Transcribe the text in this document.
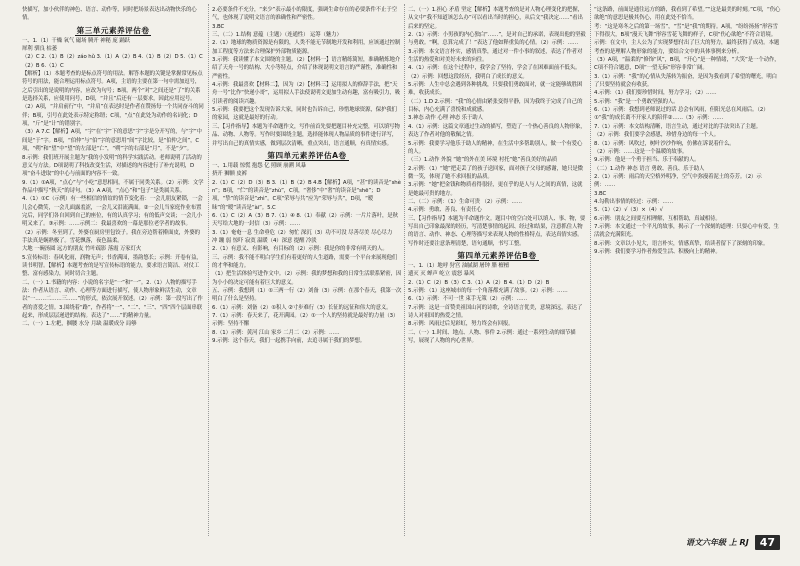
快描写，加小伙伴的神色、语言、动作等，同时把场景表达出动物快乐的心情。
第三单元素养评估卷
一、1.（1）干燥 氧气 磁场 腾开 神秘 庞 踊跃
犀利 驯良 枯萎
（2）C 2.（1）B（2）záo hǔ 3.（1）A（2）B 4.（1）B（2）D 5.（1）C（2）B 6.（1）C
【解析】（1）本题考查的是标点符号的用法。解答本题的关键是掌握常见标点符号的用法，能合理运用标点符号。A项，主语的主要在第一句中需加逗号，之后引出的是说明的内容，应改为句号；B项，两个“对”之间还是“了”的关系是选择关系，应使用问号，D项，“并且”后还有一层要求，因此应用逗号。
（2）A项，“并肩前行”中，“并肩”在表达时是作者在赞扬每一个共同奋斗的同伴；B项，引号在此处表示特定称谓；C项，“点”在此处为动作的名词化；D项，“斤”是“计”的错别字。
（3）A 7.C【解析】A项，“字”在“宇”下的意思“宇”字是分开写的，与“宇”中间是“于”字。B项，“伯仲”与“伯”字的意思用“间”字比较，是“伯仲之间”，C项，“朔”和“望”中“望”的左部是“亡”，“朔”字的右部是“月”，不是“夕”。
8.示例：我们班开展主题为“我的小发明”的科学实践活动。老师说明了活动的意义与方法。D项说明了科技改变生活，对描述的内容进行了补充说明，D项“奋斗进取”的中心与前面的内容不一致。
9.（1）①A项，“点心”与“小吃”意思相同，不属于同类关系。（2）示例：文学作品中描写“秋天”的诗句。（3）A A项，“点心”和“包子”是类属关系。
4.（1）①C（示例）有一些相信的情谊的情节变化着：一会儿朋友紧锁，一会儿会心微笑，一会儿面露羞涩，一会儿又泪流满面。②一会儿当家庭作业布置完后，同学们各自回到自己的座位，有的认真学习；有的低声交谈；一会儿小明又来了。③示例：……示例二：我最喜欢的一幕是那位老学者的故事。
（2）示例：冬至到了，外婆在厨房里包饺子。我在旁边帮着擀面皮，外婆的手法真是娴熟极了。雪花飘落，夜色温柔。
大地 一碗汤圆 远方的朋友 竹叶疏影 落霞 万家灯火
5.宣传标语：春风化雨，润物无声；书香满园，墨韵悠长；示例：开卷有益，读书明智。【解析】本题考查的是写宣传标语的能力，要求语言简洁、对仗工整、富有感染力，同时切合主题。
二、（一）1.书籍的内容：小说的名字是“一”和“一”。2.（1）人物的描写手法：作者从语言、动作、心理等方面进行描写，使人物形象鲜活生动，文章以“一……二……三……”的形式，依次展开叙述。（2）示例：第一段写出了作者的喜爱之情。3.围绕着“路”，作者将“一”、“二”、“三”、“四”四个层面串联起来，形成层层递进的结构。表达了“……”的精神力量。
二、（一）1.左耙，捆腰 水分 月缺 温暖成分 局够
2.必要条件不充分，“来少”表示最小的限度，强调生命存在的必要条件不止于空气，也体现了说明文语言的准确性和严密性。
3.BC
三、（二）1.结构 意蕴（主题）（连通性） 运筹（魅力）
2.（1）地球的物质资源是有限的，人类不能无节制地开发和利用，应该通过控制加工程度等方法来合理保护外部物质能源。
3.示例：我读懂了本文围绕的主题。（2）【材料一】语言精练简短，准确精炼地介绍了天舟一号的结构、大小等特点，介绍了体现说明文语言的严谨性，准确性和严密性。
4.示例：我最喜欢【材料二】，因为（2）【材料三】运用拟人的修辞手法，把“天舟一号”比作“快递小哥”，运用拟人手法使说明文更加生动有趣，富有吸引力，吸引读者的阅读兴趣。
5.示例：我要把这个发现告诉大家，同时也告诉自己，珍惜地球资源，保护我们的家园，这就是最好的行动。
三、【习作指导】本题为半命题作文，写作前首先要把题目补充完整，可以填写物品、动物、人物等。写作时要围绕主题，选择能体现人物品质的事件进行详写，并写出自己的真情实感，做到层次清晰，重点突出，语言通顺，有真情实感。
第四单元素养评估A卷
一、1.用载 惊慌 抱怨 亿 照顾 崩溯 风暴
挤开 狮额 皮裤
2.（1）C（2）D（3）B 3.（1）B（2）B 4.B【解析】A项，“甚”的读音是“shèn”；B项，“伫”的读音是“zhù”，C项，“奢侈”中“奢”的读音是“shē”；D项，“挚”的读音是“zhì”。C项“荣辱与共”应为“荣辱与共”，D项，“暧昧”的“暧”读音是“ài”。5.C
6.（1）C（2）A（3）B 7.（1）④ 8.（1）奉献（2）示例：一片片落叶，是秋天写给大地的一封信（3）示例：……
3.（1）奄奄一息 生命垂危（2）匆忙 深沉（3）功不可没 尽善尽美 尽心尽力
冲 蹦 弱 惊吓 寂寞 温暖（4）深意 提醒 冷淡
2.（1）有意义、有影响，有目标的（2）示例：我是你的非常有明天的人。
三、示例：我不能不明白学生们有着更好的人生道路，需要一个平台来展现他们的才华和能力。
（1）把生活体验写进作文中。（2）示例：我的梦想和我的日常生活联系紧密，因为小小的决定可能有着巨大的意义。
五、示例：我想到（1）①三两一行（2）刘备（3）示例：在那个春天，我第一次明白了什么是坚持。
6.（1）示例：刘备（2）①积人 ②寸步难行（3）长征的远征和伟大的意义。
7.（1）示例：春天来了，花开满园。（2）①一个人的坚持就是最好的力量（3）示例：坚持不懈
8.（1）示例：黄河 江山 家乡 二月二（2）示例：……
9.示例：这个春天，我们一起携手向前，去追寻属于我们的梦想。
二、（一）1.担心 矛盾 坚定【解析】本题考查的是对人物心理变化的把握，从文中“我不知道该怎么办”可以看出当时的担心，从后文“我决定……”看出后来的坚定。
2.（1）示例：小男孩的内心独白“……”，是对自己的承诺，表现出他的坚毅与勇敢。“啊，总算完成了！”表达了他如释重负的心情。（2）示例：……
3.示例：本文语言朴实，感情真挚，通过对一件小事的叙述，表达了作者对生活的热爱和对美好未来的向往。
4.（1）示例：在这个过程中，我学会了坚持，学会了在困难面前不低头。（2）示例：回想这段经历，我明白了成长的意义。
5.示例：人生中总会遇到各种挑战，只要我们勇敢面对，就一定能够战胜困难，收获成长。
（二）1.D 2.示例：“我”的心情由紧张变得平静，因为我终于完成了自己的目标，内心充满了喜悦和成就感。
3.神态 动作 心理 神态 乐于助人
4.（1）示例：这篇文章通过生动的描写，塑造了一个热心善良的人物形象，表达了作者对他的敬佩之情。
5.示例：我要学习他乐于助人的精神，在生活中多帮助别人，做一个有爱心的人。
（三）1.动作 外貌 “她”的外在美 环境 衬托“她”善良美好的品质
2.示例：（1）“她”把走丢了的孩子送回家，面对孩子父母的感谢，她只是微微一笑，体现了她不求回报的品质。
3.示例：“她”把金钱和物质看得很轻，更在乎的是人与人之间的真情，这就是她最可贵的地方。
二、（二）示例：（1）生命可贵 （2）示例：……
4.示例：勇敢、善良、有责任心
三、【习作指导】本题为半命题作文。题目中的空白处可以填人、事、物，要写出自己印象最深的经历，写清楚事情的起因、经过和结果，注意抓住人物的语言、动作、神态、心理等描写来表现人物的性格特点，表达真情实感。写作时还要注意条理清楚，语句通顺，书写工整。
第四单元素养评估B卷
一、1.（1）地呼 狩宫 油腻湖 屠钟 腊 檀檀
遗灭 灭 蝉声 屹立 震怒 暴风
2.（1）C（2）B（3）C 3.（1）A（2）B 4.（1）D（2）B
5.示例：（1）这座城市的每一个角落都充满了故事。（2）示例：……
6.（1）示例：不可一世 束手无策（2）示例：……
7.示例：这是一首赞美祖国山河的诗歌，全诗语言优美，意境深远，表达了诗人对祖国的热爱之情。
8.示例：风雨过后见彩虹，努力终会有回报。
二、（一）1.时间、地点、人物、事件 2.示例：通过一系列生动的细节描写，展现了人物的内心世界。
“这条路，前面是通往远方的路，我看到了希望。”“这是最美的时刻。”C项，“伤心欲绝”的意思是极其伤心，用在此处不恰当。
考：“这是寒冬之后的第一场雪”，“雪”是“我”的期待。A项，“纷纷扬扬”形容雪下得很大，B项“漫天飞舞”形容雪花飞舞的样子，C项“伤心欲绝”不符合语境。
示例：在文中，主人公为了实现梦想付出了巨大的努力，最终获得了成功。本题考查的是理解人物形象的能力，要结合文中的具体事例来分析。
（3）A项，“温柔的”修饰“风”，B项，“开心”是一种情绪，“大笑”是一个动作，C项不符合题意，D项“一望无际”形容非常广阔。
3.（1）示例：“我”的心情从失落转为振奋，是因为我看到了希望的曙光，明白了只要坚持就会有收获。
4.示例：（1）我们要珍惜时间，努力学习；（2）……
5.示例：“我”是一个勇敢坚强的人。
6.（1）示例：我想到老师说过的话 总会有风雨，但阳光总在风雨后。（2）①“我”的成长离不开家人的陪伴②……（3）示例：……
7.（1）示例：本文结构清晰，语言生动，通过对比的手法突出了主题。
（2）示例：我们要学会感恩，珍惜身边的每一个人。
8.（1）示例：风吹过，树叶沙沙作响，仿佛在诉说着什么。
（2）示例：……这是一个温暖的故事。
9.示例：他是一个勇于担当、乐于奉献的人。
（二）1.动作 神态 语言 勇敢、善良、乐于助人
2.（1）示例：雨后的天空格外明净，空气中弥漫着泥土的芬芳。（2）示例：……
3.BC
4.勾勒出事情的经过：示例：……
5.（1）（2）√（3）×（4）√
6.示例：朋友之间要互相理解，互相帮助，真诚相待。
7.示例：本文通过一个平凡的故事，揭示了一个深刻的道理：只要心中有爱，生活就会充满阳光。
8.示例：文章以小见大，语言朴实，情感真挚，给读者留下了深刻的印象。
9.示例：我们要学习作者热爱生活、积极向上的精神。
语文六年级 上 RJ	47
